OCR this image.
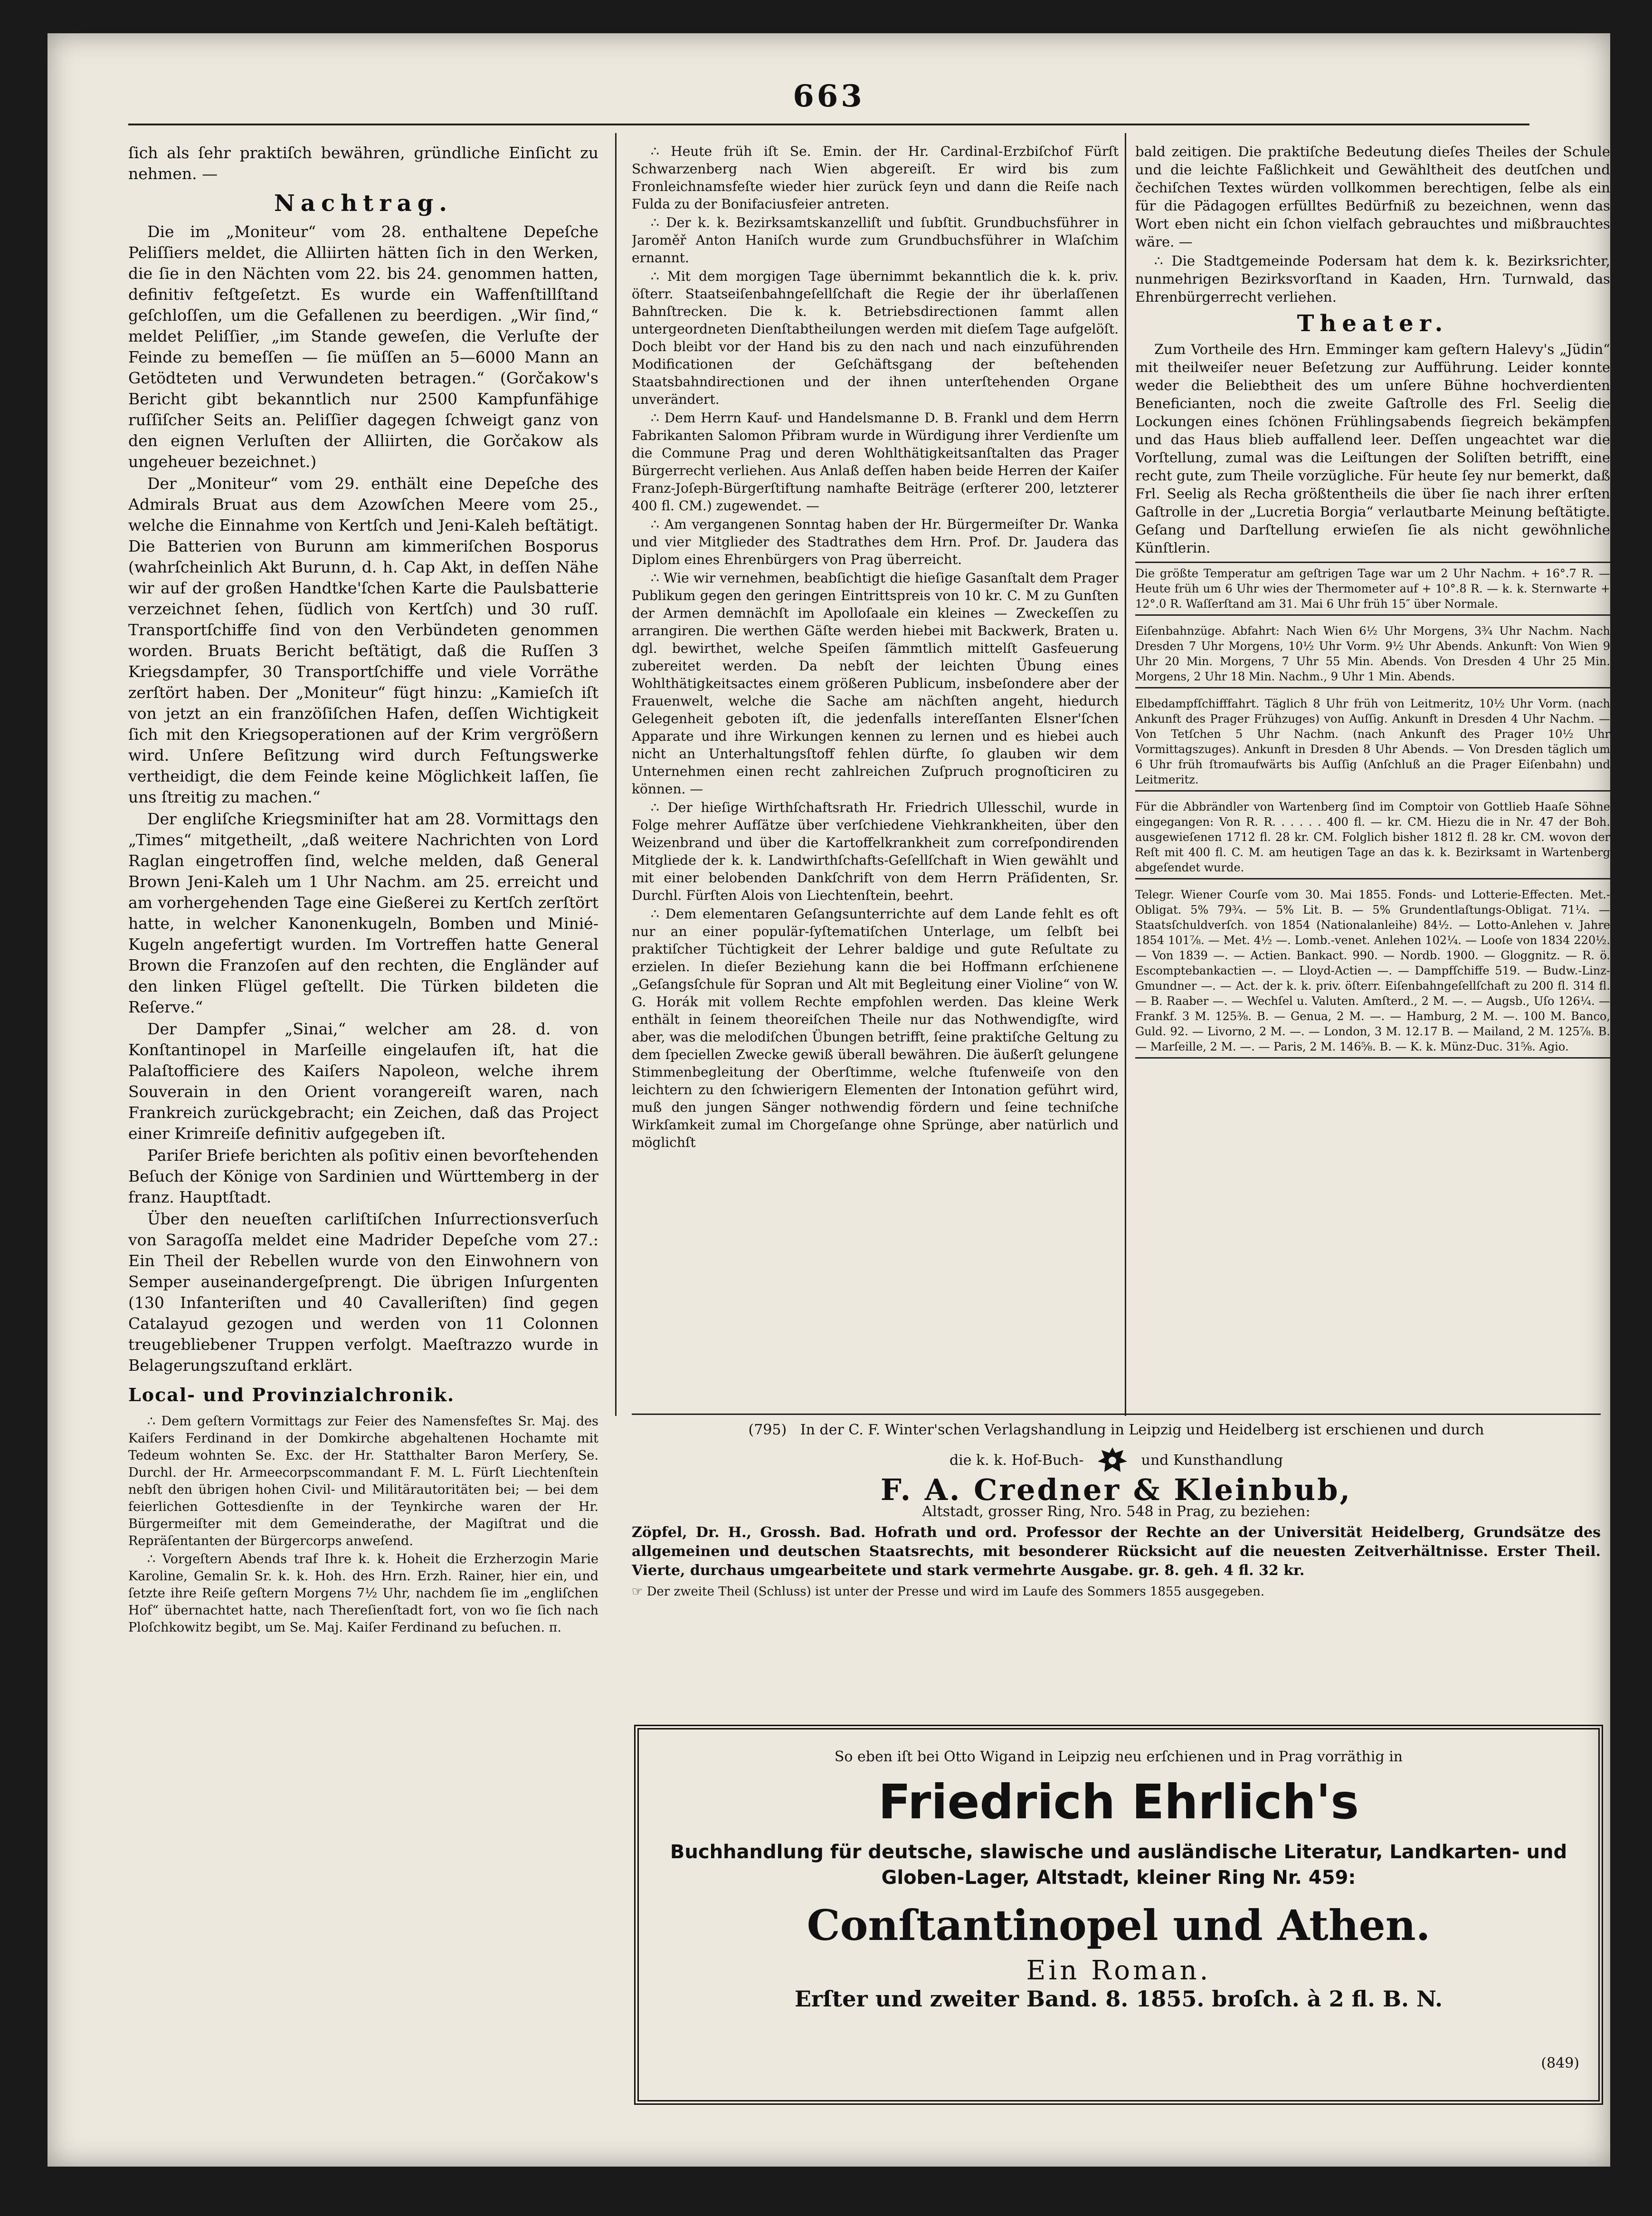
663

ſich als ſehr praktiſch bewähren, gründliche Einſicht zu nehmen. —

Nachtrag.

Die im „Moniteur“ vom 28. enthaltene Depeſche Peliſſiers meldet, die Alliirten hätten ſich in den Werken, die ſie in den Nächten vom 22. bis 24. genommen hatten, definitiv feſtgeſetzt. Es wurde ein Waffenſtillſtand geſchloſſen, um die Gefallenen zu beerdigen. „Wir ſind,“ meldet Peliſſier, „im Stande geweſen, die Verluſte der Feinde zu bemeſſen — ſie müſſen an 5—6000 Mann an Getödteten und Verwundeten betragen.“ (Gorčakow's Bericht gibt bekanntlich nur 2500 Kampfunfähige ruſſiſcher Seits an. Peliſſier dagegen ſchweigt ganz von den eignen Verluſten der Alliirten, die Gorčakow als ungeheuer bezeichnet.)

Der „Moniteur“ vom 29. enthält eine Depeſche des Admirals Bruat aus dem Azowſchen Meere vom 25., welche die Einnahme von Kertſch und Jeni-Kaleh beſtätigt. Die Batterien von Burunn am kimmeriſchen Bosporus (wahrſcheinlich Akt Burunn, d. h. Cap Akt, in deſſen Nähe wir auf der großen Handtke'ſchen Karte die Paulsbatterie verzeichnet ſehen, ſüdlich von Kertſch) und 30 ruſſ. Transportſchiffe ſind von den Verbündeten genommen worden. Bruats Bericht beſtätigt, daß die Ruſſen 3 Kriegsdampfer, 30 Transportſchiffe und viele Vorräthe zerſtört haben. Der „Moniteur“ fügt hinzu: „Kamieſch iſt von jetzt an ein franzöſiſchen Hafen, deſſen Wichtigkeit ſich mit den Kriegsoperationen auf der Krim vergrößern wird. Unſere Beſitzung wird durch Feſtungswerke vertheidigt, die dem Feinde keine Möglichkeit laſſen, ſie uns ſtreitig zu machen.“

Der engliſche Kriegsminiſter hat am 28. Vormittags den „Times“ mitgetheilt, „daß weitere Nachrichten von Lord Raglan eingetroffen ſind, welche melden, daß General Brown Jeni-Kaleh um 1 Uhr Nachm. am 25. erreicht und am vorhergehenden Tage eine Gießerei zu Kertſch zerſtört hatte, in welcher Kanonenkugeln, Bomben und Minié-Kugeln angefertigt wurden. Im Vortreffen hatte General Brown die Franzoſen auf den rechten, die Engländer auf den linken Flügel geſtellt. Die Türken bildeten die Reſerve.“

Der Dampfer „Sinai,“ welcher am 28. d. von Konſtantinopel in Marſeille eingelaufen iſt, hat die Palaſtofficiere des Kaiſers Napoleon, welche ihrem Souverain in den Orient vorangereiſt waren, nach Frankreich zurückgebracht; ein Zeichen, daß das Project einer Krimreiſe definitiv aufgegeben iſt.

Pariſer Briefe berichten als poſitiv einen bevorſtehenden Beſuch der Könige von Sardinien und Württemberg in der franz. Hauptſtadt.

Über den neueſten carliſtiſchen Inſurrectionsverſuch von Saragoſſa meldet eine Madrider Depeſche vom 27.: Ein Theil der Rebellen wurde von den Einwohnern von Semper auseinandergeſprengt. Die übrigen Inſurgenten (130 Infanteriſten und 40 Cavalleriſten) ſind gegen Catalayud gezogen und werden von 11 Colonnen treugebliebener Truppen verfolgt. Maeſtrazzo wurde in Belagerungszuſtand erklärt.

Local- und Provinzialchronik.

∴ Dem geſtern Vormittags zur Feier des Namensfeſtes Sr. Maj. des Kaiſers Ferdinand in der Domkirche abgehaltenen Hochamte mit Tedeum wohnten Se. Exc. der Hr. Statthalter Baron Merſery, Se. Durchl. der Hr. Armeecorpscommandant F. M. L. Fürſt Liechtenſtein nebſt den übrigen hohen Civil- und Militärautoritäten bei; — bei dem feierlichen Gottesdienſte in der Teynkirche waren der Hr. Bürgermeiſter mit dem Gemeinderathe, der Magiſtrat und die Repräſentanten der Bürgercorps anweſend.

∴ Vorgeſtern Abends traf Ihre k. k. Hoheit die Erzherzogin Marie Karoline, Gemalin Sr. k. k. Hoh. des Hrn. Erzh. Rainer, hier ein, und ſetzte ihre Reiſe geſtern Morgens 7½ Uhr, nachdem ſie im „engliſchen Hof“ übernachtet hatte, nach Thereſienſtadt fort, von wo ſie ſich nach Ploſchkowitz begibt, um Se. Maj. Kaiſer Ferdinand zu beſuchen. π.

∴ Heute früh iſt Se. Emin. der Hr. Cardinal-Erzbiſchof Fürſt Schwarzenberg nach Wien abgereiſt. Er wird bis zum Fronleichnamsfeſte wieder hier zurück ſeyn und dann die Reiſe nach Fulda zu der Bonifaciusfeier antreten.

∴ Der k. k. Bezirksamtskanzelliſt und ſubſtit. Grundbuchsführer in Jaroměř Anton Haniſch wurde zum Grundbuchsführer in Wlaſchim ernannt.

∴ Mit dem morgigen Tage übernimmt bekanntlich die k. k. priv. öſterr. Staatseiſenbahngeſellſchaft die Regie der ihr überlaſſenen Bahnſtrecken. Die k. k. Betriebsdirectionen ſammt allen untergeordneten Dienſtabtheilungen werden mit dieſem Tage aufgelöſt. Doch bleibt vor der Hand bis zu den nach und nach einzuführenden Modificationen der Geſchäftsgang der beſtehenden Staatsbahndirectionen und der ihnen unterſtehenden Organe unverändert.

∴ Dem Herrn Kauf- und Handelsmanne D. B. Frankl und dem Herrn Fabrikanten Salomon Přibram wurde in Würdigung ihrer Verdienſte um die Commune Prag und deren Wohlthätigkeitsanſtalten das Prager Bürgerrecht verliehen. Aus Anlaß deſſen haben beide Herren der Kaiſer Franz-Joſeph-Bürgerſtiftung namhafte Beiträge (erſterer 200, letzterer 400 fl. CM.) zugewendet. —

∴ Am vergangenen Sonntag haben der Hr. Bürgermeiſter Dr. Wanka und vier Mitglieder des Stadtrathes dem Hrn. Prof. Dr. Jaudera das Diplom eines Ehrenbürgers von Prag überreicht.

∴ Wie wir vernehmen, beabſichtigt die hieſige Gasanſtalt dem Prager Publikum gegen den geringen Eintrittspreis von 10 kr. C. M zu Gunſten der Armen demnächſt im Apolloſaale ein kleines — Zweckeſſen zu arrangiren. Die werthen Gäſte werden hiebei mit Backwerk, Braten u. dgl. bewirthet, welche Speiſen ſämmtlich mittelſt Gasfeuerung zubereitet werden. Da nebſt der leichten Übung eines Wohlthätigkeitsactes einem größeren Publicum, insbeſondere aber der Frauenwelt, welche die Sache am nächſten angeht, hiedurch Gelegenheit geboten iſt, die jedenfalls intereſſanten Elsner'ſchen Apparate und ihre Wirkungen kennen zu lernen und es hiebei auch nicht an Unterhaltungsſtoff fehlen dürfte, ſo glauben wir dem Unternehmen einen recht zahlreichen Zuſpruch prognoſticiren zu können. —

∴ Der hieſige Wirthſchaftsrath Hr. Friedrich Ullesschil, wurde in Folge mehrer Aufſätze über verſchiedene Viehkrankheiten, über den Weizenbrand und über die Kartoffelkrankheit zum correſpondirenden Mitgliede der k. k. Landwirthſchafts-Geſellſchaft in Wien gewählt und mit einer belobenden Dankſchrift von dem Herrn Präſidenten, Sr. Durchl. Fürſten Alois von Liechtenſtein, beehrt.

∴ Dem elementaren Geſangsunterrichte auf dem Lande fehlt es oft nur an einer populär-ſyſtematiſchen Unterlage, um ſelbſt bei praktiſcher Tüchtigkeit der Lehrer baldige und gute Reſultate zu erzielen. In dieſer Beziehung kann die bei Hoffmann erſchienene „Geſangsſchule für Sopran und Alt mit Begleitung einer Violine“ von W. G. Horák mit vollem Rechte empfohlen werden. Das kleine Werk enthält in ſeinem theoreiſchen Theile nur das Nothwendigſte, wird aber, was die melodiſchen Übungen betrifft, ſeine praktiſche Geltung zu dem ſpeciellen Zwecke gewiß überall bewähren. Die äußerſt gelungene Stimmenbegleitung der Oberſtimme, welche ſtufenweiſe von den leichtern zu den ſchwierigern Elementen der Intonation geführt wird, muß den jungen Sänger nothwendig fördern und ſeine techniſche Wirkſamkeit zumal im Chorgeſange ohne Sprünge, aber natürlich und möglichſt

bald zeitigen. Die praktiſche Bedeutung dieſes Theiles der Schule und die leichte Faßlichkeit und Gewähltheit des deutſchen und čechiſchen Textes würden vollkommen berechtigen, ſelbe als ein für die Pädagogen erfülltes Bedürfniß zu bezeichnen, wenn das Wort eben nicht ein ſchon vielfach gebrauchtes und mißbrauchtes wäre. —

∴ Die Stadtgemeinde Podersam hat dem k. k. Bezirksrichter, nunmehrigen Bezirksvorſtand in Kaaden, Hrn. Turnwald, das Ehrenbürgerrecht verliehen.

Theater.

Zum Vortheile des Hrn. Emminger kam geſtern Halevy's „Jüdin“ mit theilweiſer neuer Beſetzung zur Aufführung. Leider konnte weder die Beliebtheit des um unſere Bühne hochverdienten Beneficianten, noch die zweite Gaſtrolle des Frl. Seelig die Lockungen eines ſchönen Frühlingsabends ſiegreich bekämpfen und das Haus blieb auffallend leer. Deſſen ungeachtet war die Vorſtellung, zumal was die Leiſtungen der Soliſten betrifft, eine recht gute, zum Theile vorzügliche. Für heute ſey nur bemerkt, daß Frl. Seelig als Recha größtentheils die über ſie nach ihrer erſten Gaſtrolle in der „Lucretia Borgia“ verlautbarte Meinung beſtätigte. Geſang und Darſtellung erwieſen ſie als nicht gewöhnliche Künſtlerin.

Die größte Temperatur am geſtrigen Tage war um 2 Uhr Nachm. + 16°.7 R. — Heute früh um 6 Uhr wies der Thermometer auf + 10°.8 R. — k. k. Sternwarte + 12°.0 R. Waſſerſtand am 31. Mai 6 Uhr früh 15″ über Normale.
Eiſenbahnzüge. Abfahrt: Nach Wien 6½ Uhr Morgens, 3¾ Uhr Nachm. Nach Dresden 7 Uhr Morgens, 10½ Uhr Vorm. 9½ Uhr Abends. Ankunft: Von Wien 9 Uhr 20 Min. Morgens, 7 Uhr 55 Min. Abends. Von Dresden 4 Uhr 25 Min. Morgens, 2 Uhr 18 Min. Nachm., 9 Uhr 1 Min. Abends.
Elbedampfſchifffahrt. Täglich 8 Uhr früh von Leitmeritz, 10½ Uhr Vorm. (nach Ankunft des Prager Frühzuges) von Auſſig. Ankunft in Dresden 4 Uhr Nachm. — Von Tetſchen 5 Uhr Nachm. (nach Ankunft des Prager 10½ Uhr Vormittagszuges). Ankunft in Dresden 8 Uhr Abends. — Von Dresden täglich um 6 Uhr früh ſtromaufwärts bis Auſſig (Anſchluß an die Prager Eiſenbahn) und Leitmeritz.
Für die Abbrändler von Wartenberg ſind im Comptoir von Gottlieb Haaſe Söhne eingegangen: Von R. R. . . . . . 400 fl. — kr. CM. Hiezu die in Nr. 47 der Boh. ausgewieſenen 1712 fl. 28 kr. CM. Folglich bisher 1812 fl. 28 kr. CM. wovon der Reſt mit 400 fl. C. M. am heutigen Tage an das k. k. Bezirksamt in Wartenberg abgeſendet wurde.
Telegr. Wiener Courſe vom 30. Mai 1855. Fonds- und Lotterie-Effecten. Met.-Obligat. 5% 79¾. — 5% Lit. B. — 5% Grundentlaſtungs-Obligat. 71¼. — Staatsſchuldverſch. von 1854 (Nationalanleihe) 84½. — Lotto-Anlehen v. Jahre 1854 101⅞. — Met. 4½ —. Lomb.-venet. Anlehen 102¼. — Looſe von 1834 220½. — Von 1839 —. — Actien. Bankact. 990. — Nordb. 1900. — Gloggnitz. — R. ö. Escomptebankactien —. — Lloyd-Actien —. — Dampfſchiffe 519. — Budw.-Linz-Gmundner —. — Act. der k. k. priv. öſterr. Eiſenbahngeſellſchaft zu 200 fl. 314 fl. — B. Raaber —. — Wechſel u. Valuten. Amſterd., 2 M. —. — Augsb., Uſo 126¼. — Frankf. 3 M. 125⅜. B. — Genua, 2 M. —. — Hamburg, 2 M. —. 100 M. Banco, Guld. 92. — Livorno, 2 M. —. — London, 3 M. 12.17 B. — Mailand, 2 M. 125⅞. B. — Marſeille, 2 M. —. — Paris, 2 M. 146⅝. B. — K. k. Münz-Duc. 31⅝. Agio.
(795) In der C. F. Winter'schen Verlagshandlung in Leipzig und Heidelberg ist erschienen und durch
die k. k. Hof-Buch-	und Kunsthandlung
F. A. Credner & Kleinbub,
Altstadt, grosser Ring, Nro. 548 in Prag, zu beziehen:
Zöpfel, Dr. H., Grossh. Bad. Hofrath und ord. Professor der Rechte an der Universität Heidelberg, Grundsätze des allgemeinen und deutschen Staatsrechts, mit besonderer Rücksicht auf die neuesten Zeitverhältnisse. Erster Theil. Vierte, durchaus umgearbeitete und stark vermehrte Ausgabe. gr. 8. geh. 4 fl. 32 kr.
☞ Der zweite Theil (Schluss) ist unter der Presse und wird im Laufe des Sommers 1855 ausgegeben.
So eben iſt bei Otto Wigand in Leipzig neu erſchienen und in Prag vorräthig in
Friedrich Ehrlich's
Buchhandlung für deutsche, slawische und ausländische Literatur, Landkarten- und Globen-Lager, Altstadt, kleiner Ring Nr. 459:
Conſtantinopel und Athen.
Ein Roman.
Erſter und zweiter Band. 8. 1855. broſch. à 2 fl. B. N.
(849)
